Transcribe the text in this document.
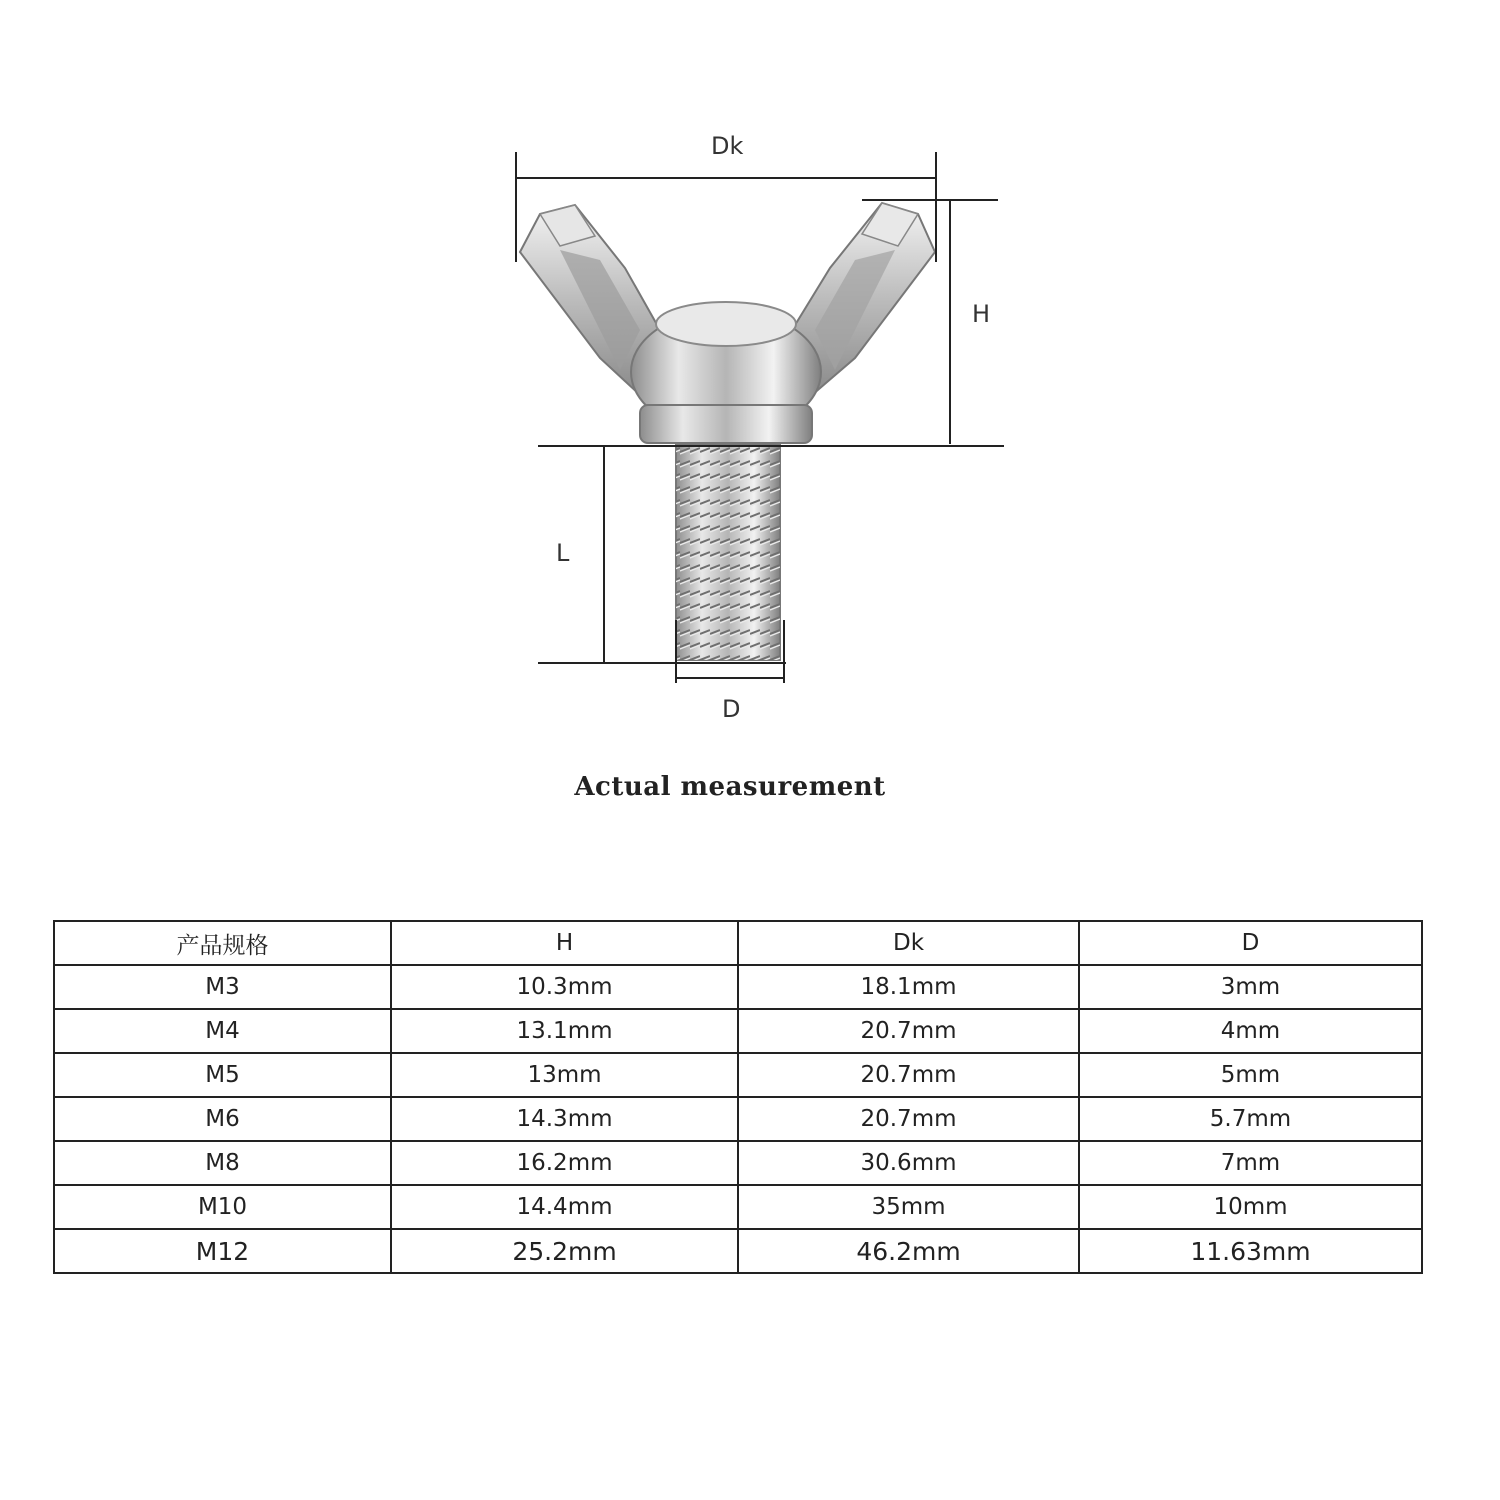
Dk
H
L
D
Actual measurement
产品规格	H	Dk	D
M3	10.3mm	18.1mm	3mm
M4	13.1mm	20.7mm	4mm
M5	13mm	20.7mm	5mm
M6	14.3mm	20.7mm	5.7mm
M8	16.2mm	30.6mm	7mm
M10	14.4mm	35mm	10mm
M12	25.2mm	46.2mm	11.63mm
